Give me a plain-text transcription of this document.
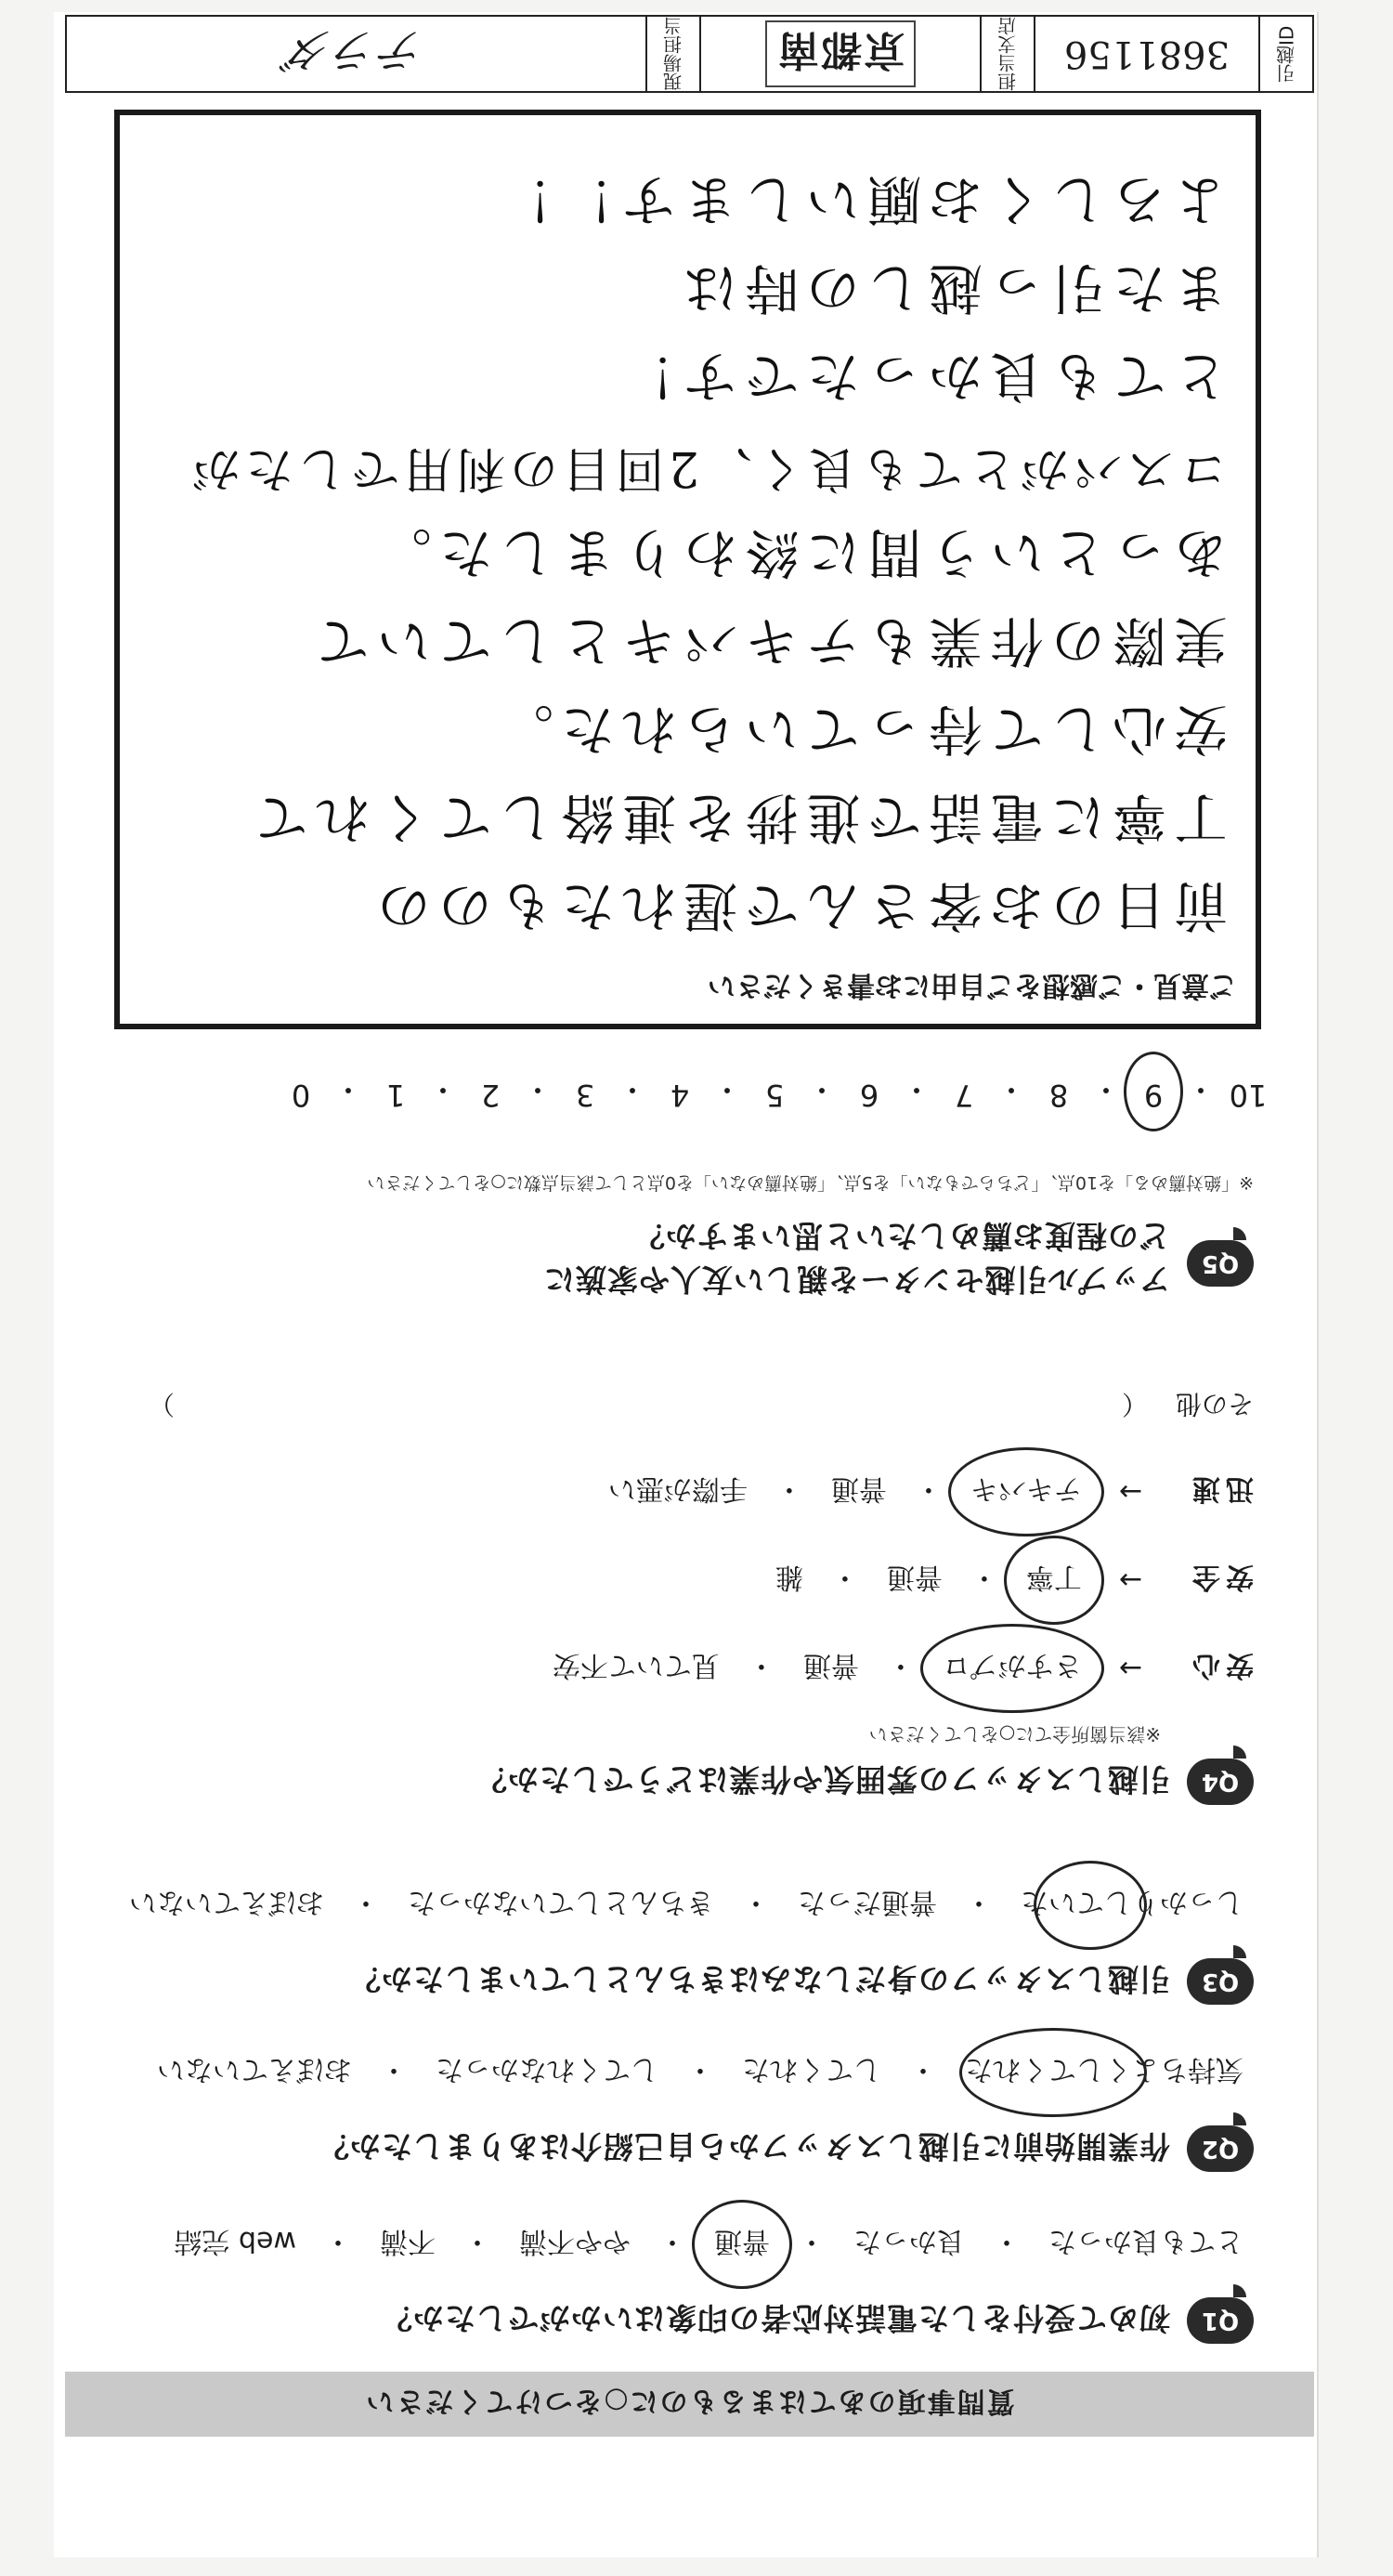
質問事項のあてはまるものに○をつけてください
Q1
初めて受付をした電話対応者の印象はいかがでしたか？
とても良かった
・
良かった
・
普通
・
やや不満
・
不満
・
web 完結
Q2
作業開始前に引越しスタッフから自己紹介はありましたか？
気持ちよくしてくれた
・
してくれた
・
してくれなかった
・
おぼえていない
Q3
引越しスタッフの身だしなみはきちんとしていましたか？
しっかりしていた
・
普通だった
・
きちんとしていなかった
・
おぼえていない
Q4
引越しスタッフの雰囲気や作業はどうでしたか？
※該当箇所全てに○をしてください
安心
→
さすがプロ
・
普通
・
見ていて不安
安全
→
丁寧
・
普通
・
雑
迅速
→
テキパキ
・
普通
・
手際が悪い
その他
（
）
Q5
アップル引越センターを親しい友人や家族に
どの程度お薦めしたいと思いますか？
※「絶対薦める」を10点、「どちらでもない」を5点、「絶対薦めない」を0点として該当点数に○をしてください
10
・
9
・
8
・
7
・
6
・
5
・
4
・
3
・
2
・
1
・
0
ご意見・ご感想をご自由にお書きください
前日のお客さんで遅れたものの
丁寧に電話で進捗を連絡してくれて
安心して待っていられた。
実際の作業もテキパキとしていて
あっという間に終わりました。
コスパがとても良く、2回目の利用でしたが
とても良かったです！
また引っ越しの時は
よろしくお願いします！！
引越ID
3681156
担当支店
京都南
現場担当
テラダ
